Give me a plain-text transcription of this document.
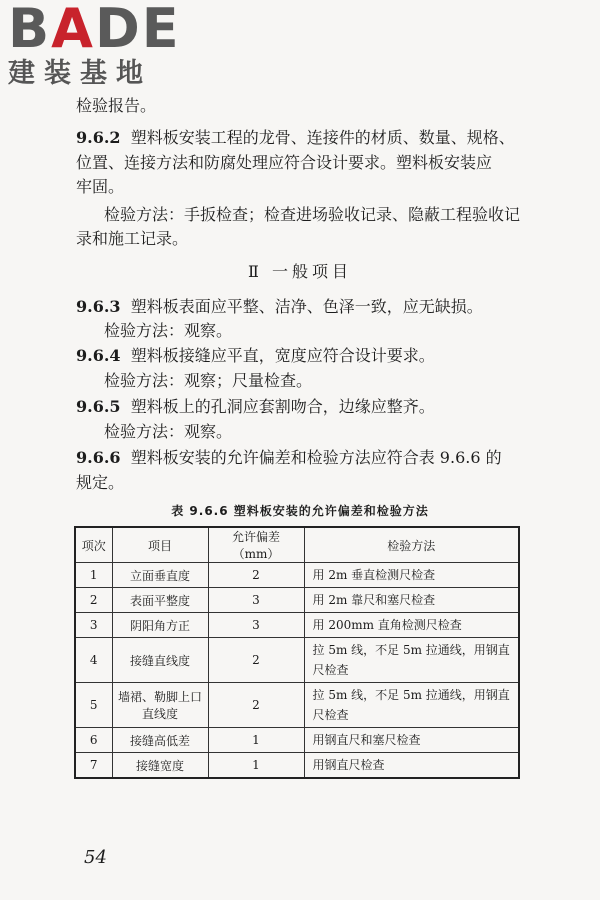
BADE
建装基地
检验报告。
9.6.2 塑料板安装工程的龙骨、连接件的材质、数量、规格、
位置、连接方法和防腐处理应符合设计要求。塑料板安装应
牢固。
检验方法：手扳检查；检查进场验收记录、隐蔽工程验收记
录和施工记录。
Ⅱ 一般项目
9.6.3 塑料板表面应平整、洁净、色泽一致，应无缺损。
检验方法：观察。
9.6.4 塑料板接缝应平直，宽度应符合设计要求。
检验方法：观察；尺量检查。
9.6.5 塑料板上的孔洞应套割吻合，边缘应整齐。
检验方法：观察。
9.6.6 塑料板安装的允许偏差和检验方法应符合表 9.6.6 的
规定。
表 9.6.6 塑料板安装的允许偏差和检验方法
项次	项目	允许偏差（mm）	检验方法
1	立面垂直度	2	用 2m 垂直检测尺检查
2	表面平整度	3	用 2m 靠尺和塞尺检查
3	阴阳角方正	3	用 200mm 直角检测尺检查
4	接缝直线度	2	拉 5m 线，不足 5m 拉通线，用钢直尺检查
5	墙裙、勒脚上口直线度	2	拉 5m 线，不足 5m 拉通线，用钢直尺检查
6	接缝高低差	1	用钢直尺和塞尺检查
7	接缝宽度	1	用钢直尺检查
54
